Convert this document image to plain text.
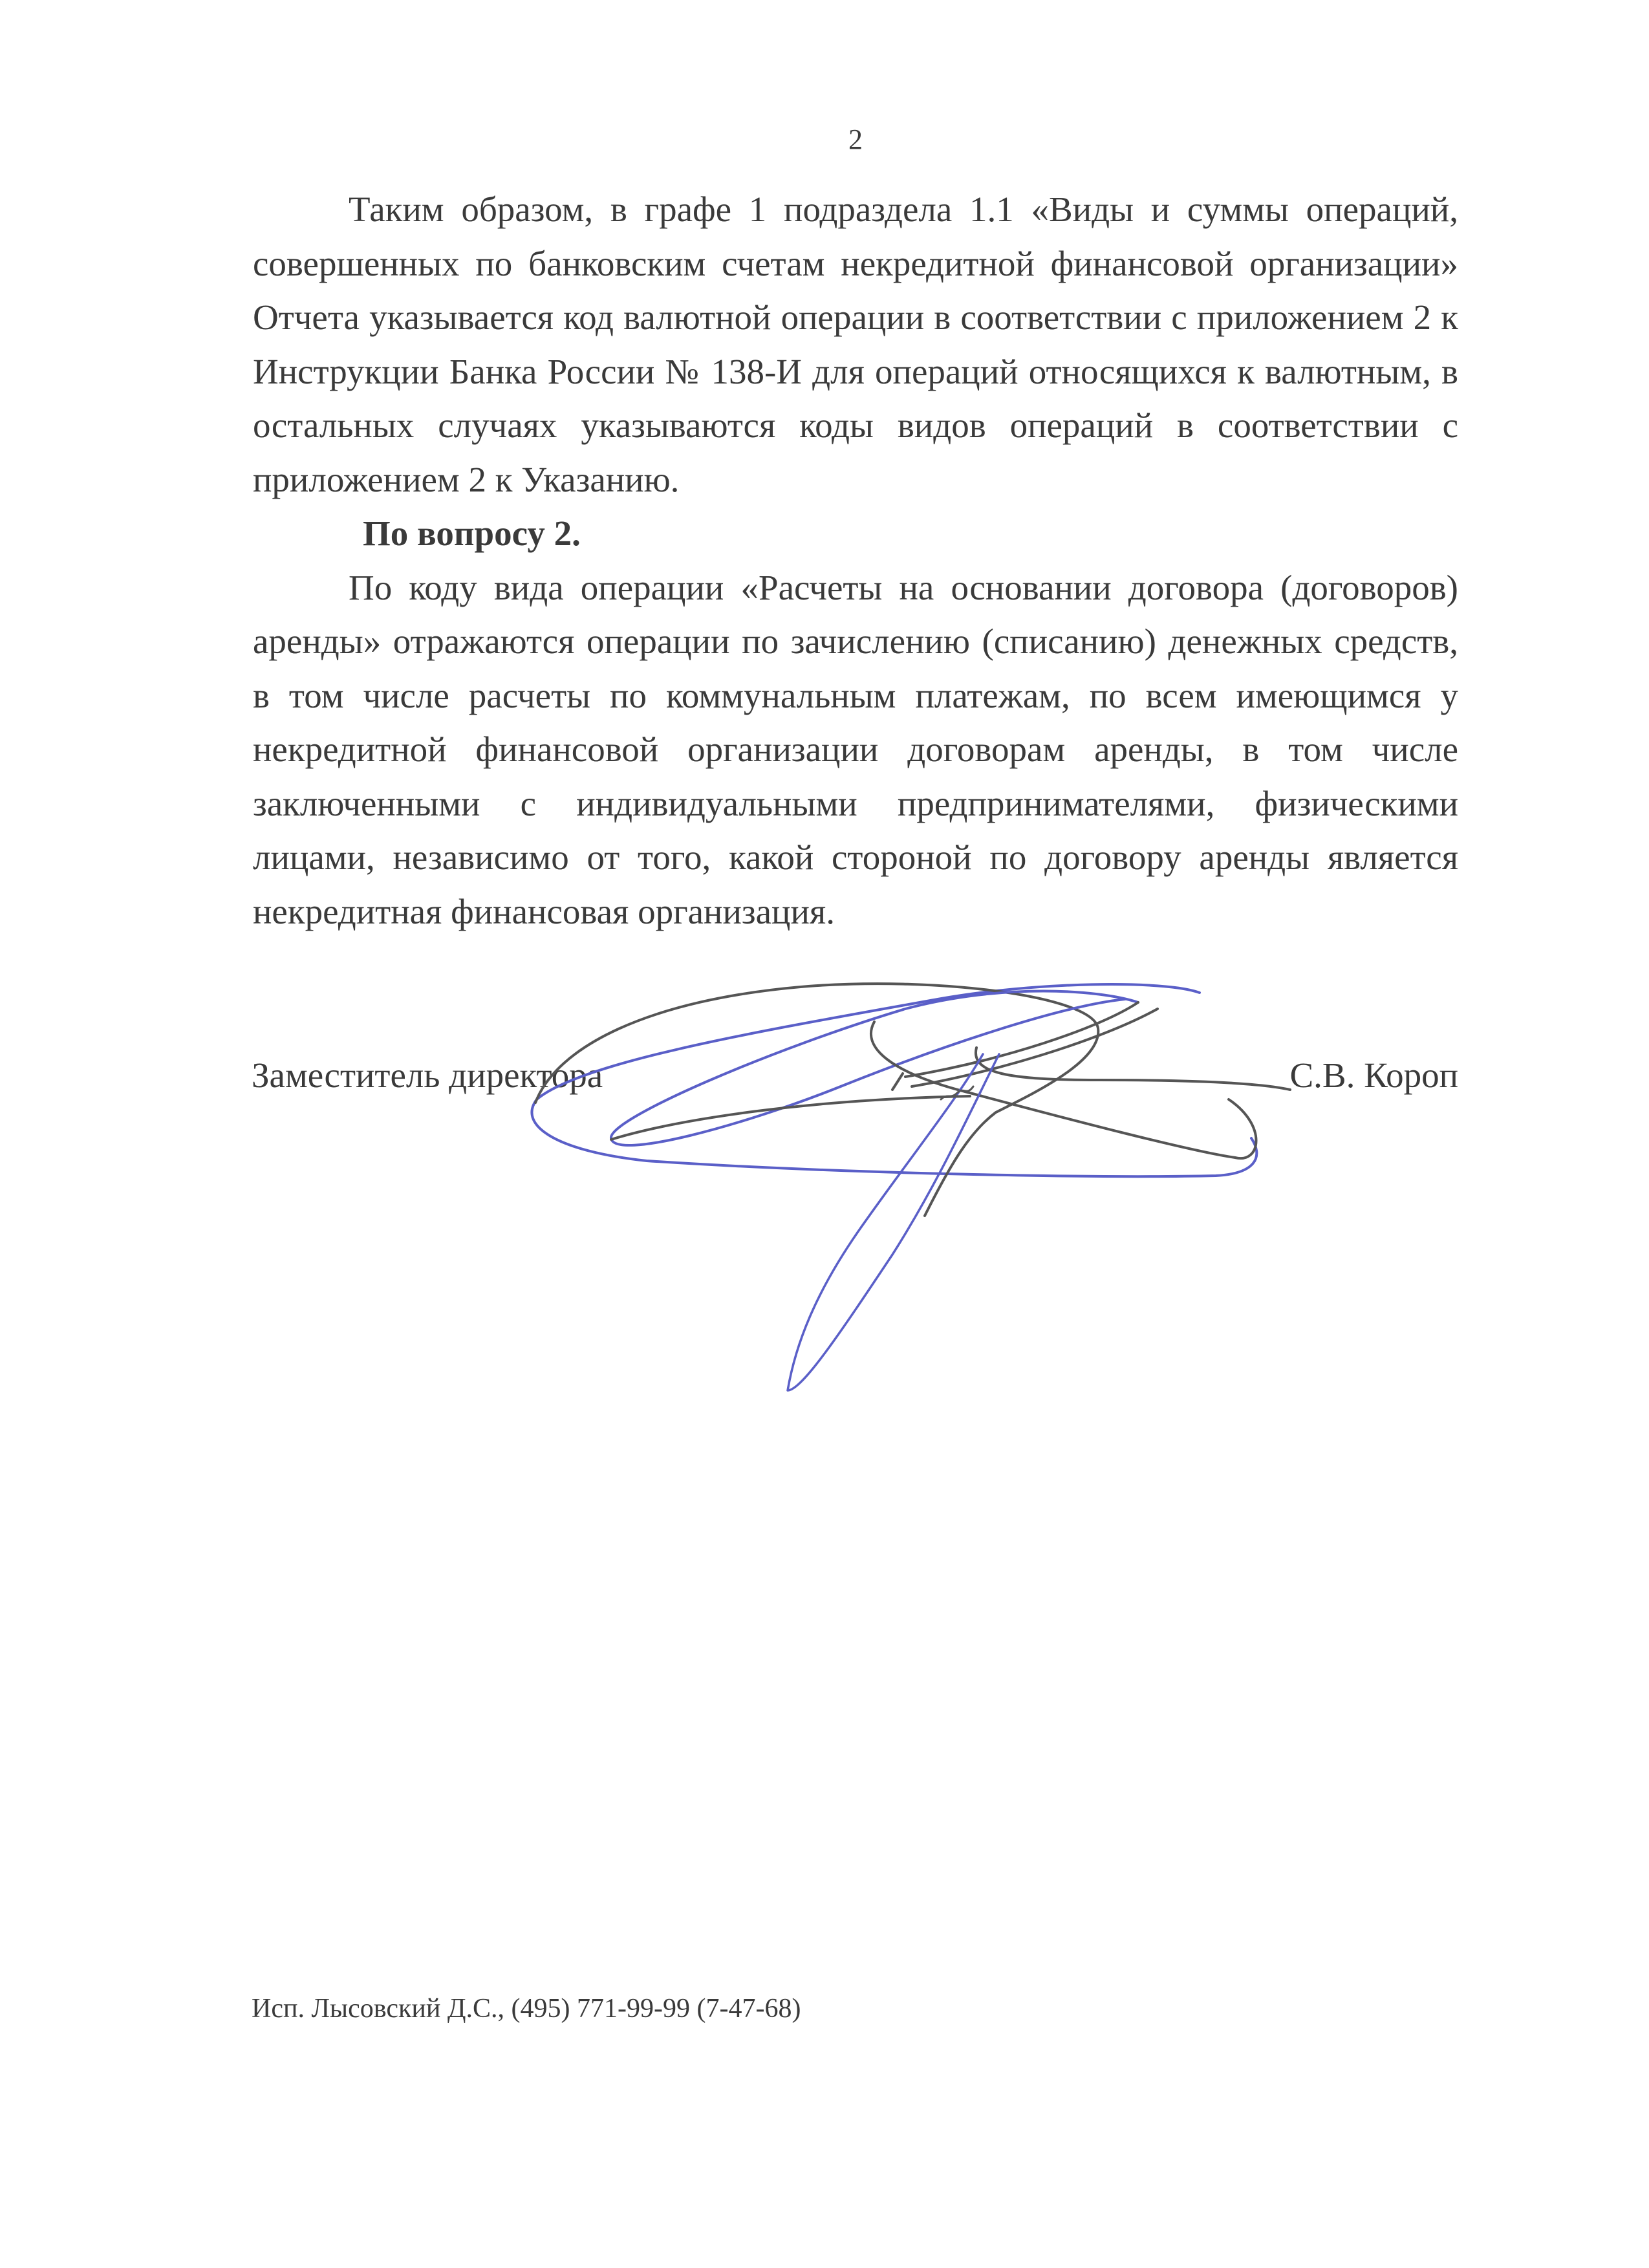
2

Таким образом, в графе 1 подраздела 1.1 «Виды и суммы операций, совершенных по банковским счетам некредитной финансовой организации» Отчета указывается код валютной операции в соответствии с приложением 2 к Инструкции Банка России № 138-И для операций относящихся к валютным, в остальных случаях указываются коды видов операций в соответствии с приложением 2 к Указанию.

По вопросу 2.

По коду вида операции «Расчеты на основании договора (договоров) аренды» отражаются операции по зачислению (списанию) денежных средств, в том числе расчеты по коммунальным платежам, по всем имеющимся у некредитной финансовой организации договорам аренды, в том числе заключенными с индивидуальными предпринимателями, физическими лицами, независимо от того, какой стороной по договору аренды является некредитная финансовая организация.

Заместитель директора	С.В. Короп
Исп. Лысовский Д.С., (495) 771-99-99 (7-47-68)
